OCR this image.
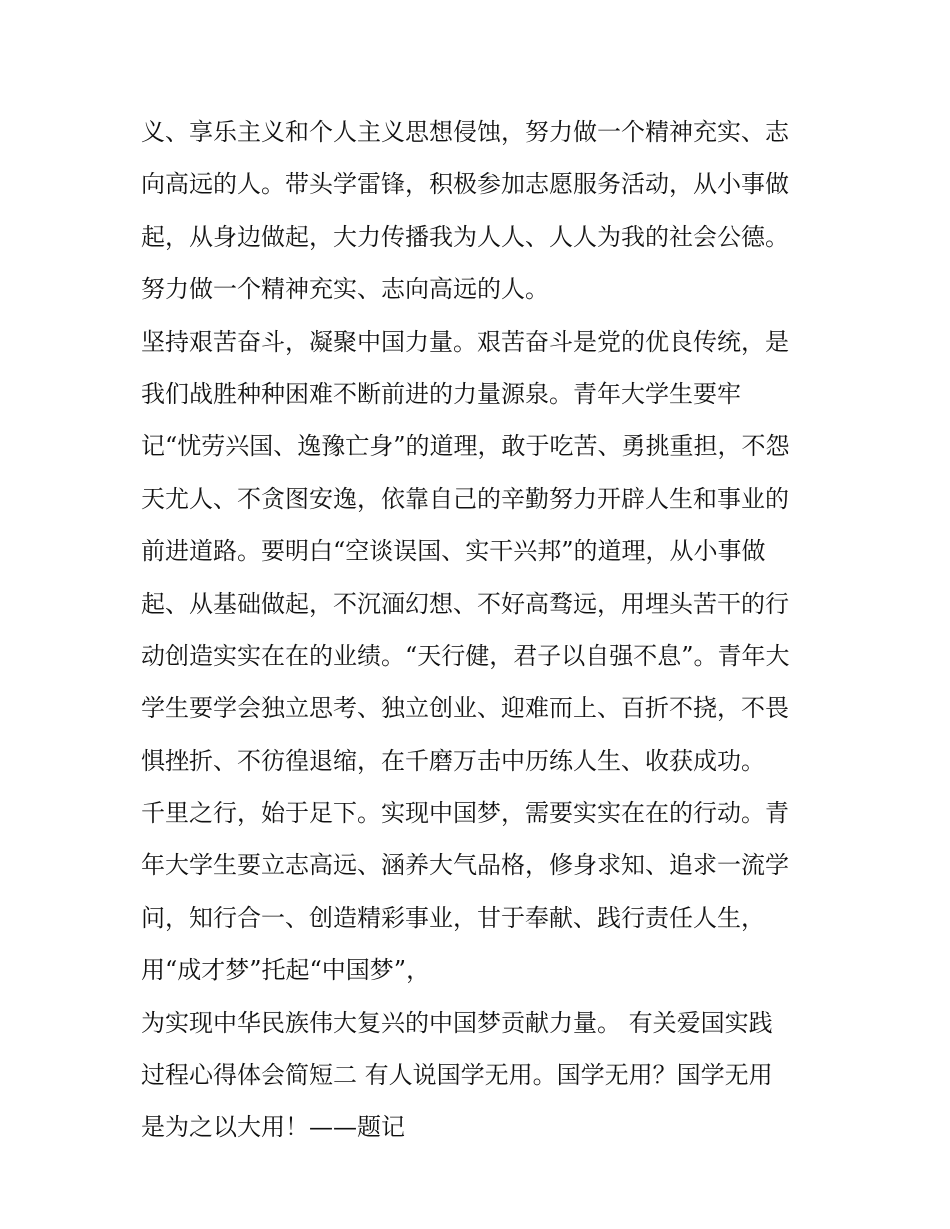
义、享乐主义和个人主义思想侵蚀，努力做一个精神充实、志
向高远的人。带头学雷锋，积极参加志愿服务活动，从小事做
起，从身边做起，大力传播我为人人、人人为我的社会公德。
努力做一个精神充实、志向高远的人。
坚持艰苦奋斗，凝聚中国力量。艰苦奋斗是党的优良传统，是
我们战胜种种困难不断前进的力量源泉。青年大学生要牢
记“忧劳兴国、逸豫亡身”的道理，敢于吃苦、勇挑重担，不怨
天尤人、不贪图安逸，依靠自己的辛勤努力开辟人生和事业的
前进道路。要明白“空谈误国、实干兴邦”的道理，从小事做
起、从基础做起，不沉湎幻想、不好高骛远，用埋头苦干的行
动创造实实在在的业绩。“天行健，君子以自强不息”。青年大
学生要学会独立思考、独立创业、迎难而上、百折不挠，不畏
惧挫折、不彷徨退缩，在千磨万击中历练人生、收获成功。
千里之行，始于足下。实现中国梦，需要实实在在的行动。青
年大学生要立志高远、涵养大气品格，修身求知、追求一流学
问，知行合一、创造精彩事业，甘于奉献、践行责任人生，
用“成才梦”托起“中国梦”，
为实现中华民族伟大复兴的中国梦贡献力量。 有关爱国实践
过程心得体会简短二 有人说国学无用。国学无用？国学无用
是为之以大用！——题记
